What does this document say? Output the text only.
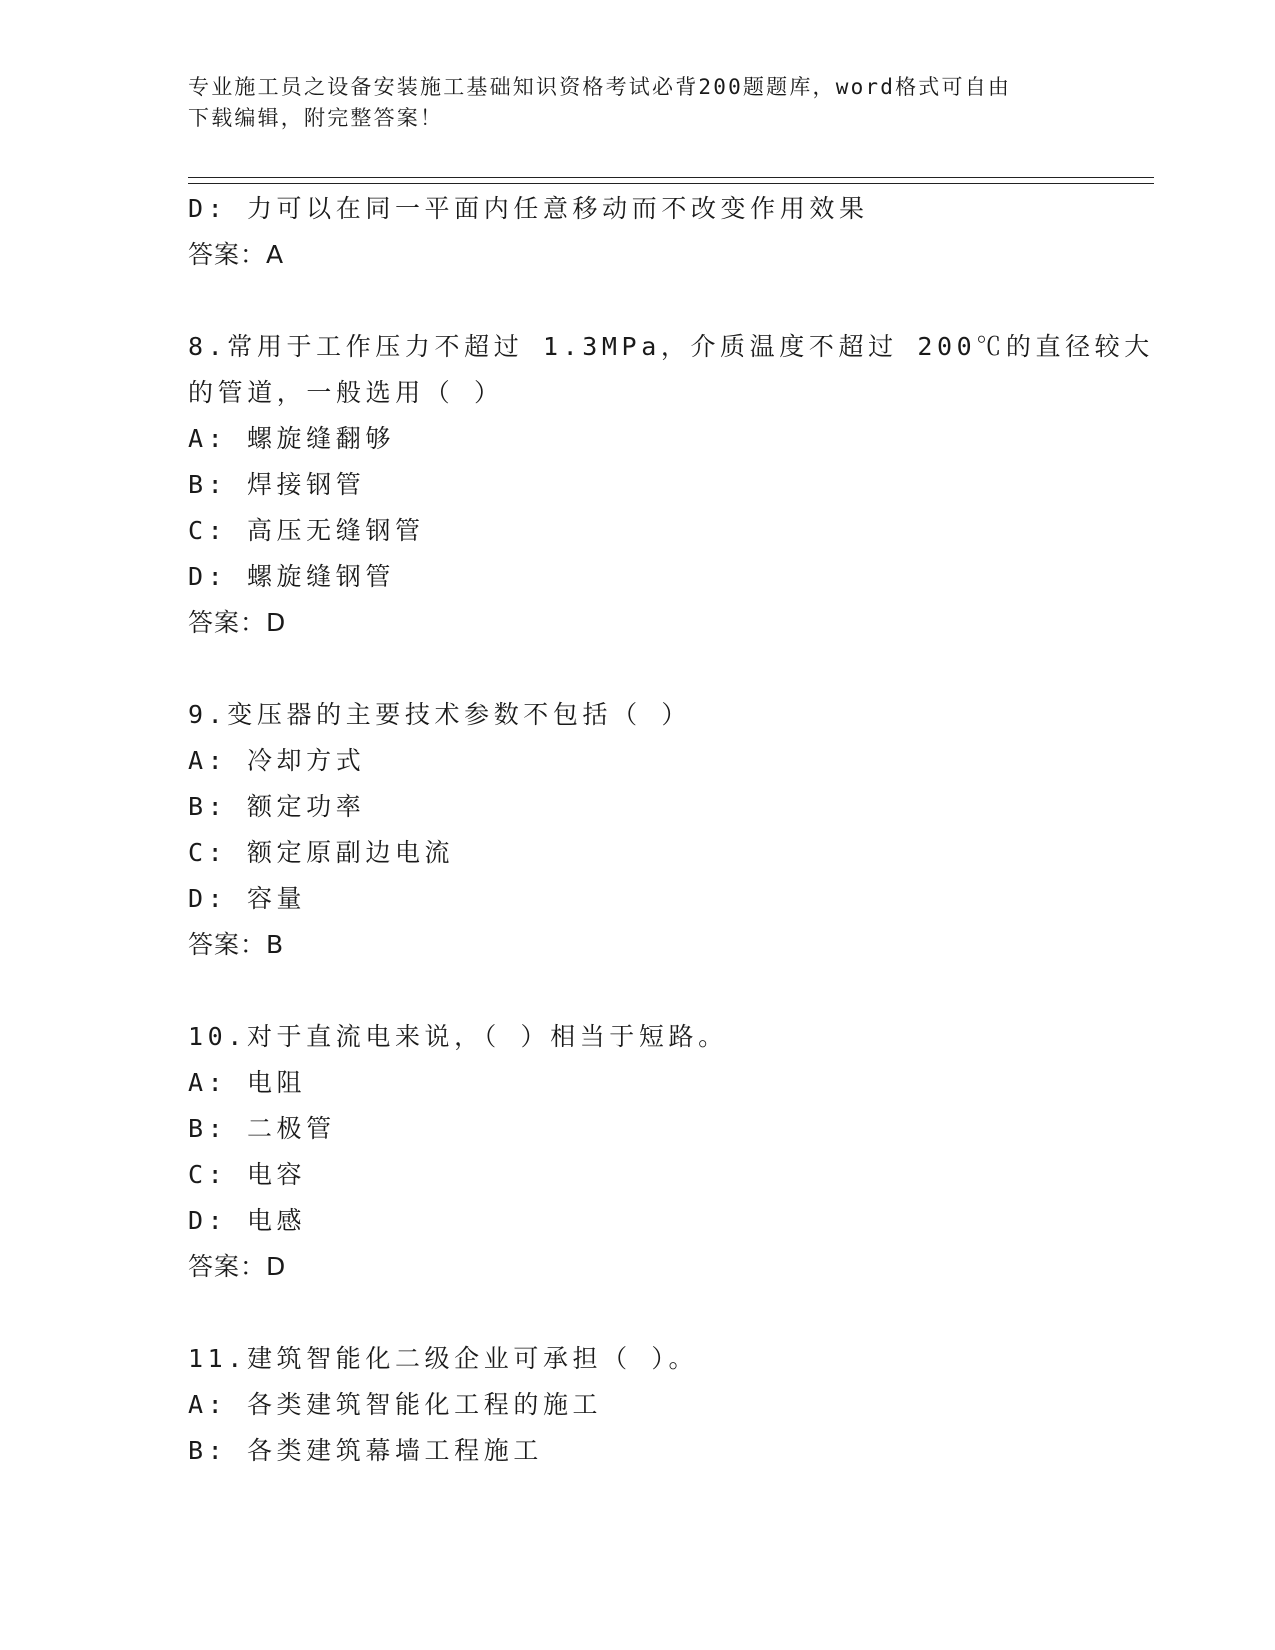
专业施工员之设备安装施工基础知识资格考试必背200题题库，word格式可自由
下载编辑，附完整答案！
D: 力可以在同一平面内任意移动而不改变作用效果
答案：A
8.常用于工作压力不超过 1.3MPa，介质温度不超过 200℃的直径较大
的管道，一般选用（ ）
A: 螺旋缝翻够
B: 焊接钢管
C: 高压无缝钢管
D: 螺旋缝钢管
答案：D
9.变压器的主要技术参数不包括（ ）
A: 冷却方式
B: 额定功率
C: 额定原副边电流
D: 容量
答案：B
10.对于直流电来说，（ ）相当于短路。
A: 电阻
B: 二极管
C: 电容
D: 电感
答案：D
11.建筑智能化二级企业可承担（ ）。
A: 各类建筑智能化工程的施工
B: 各类建筑幕墙工程施工
